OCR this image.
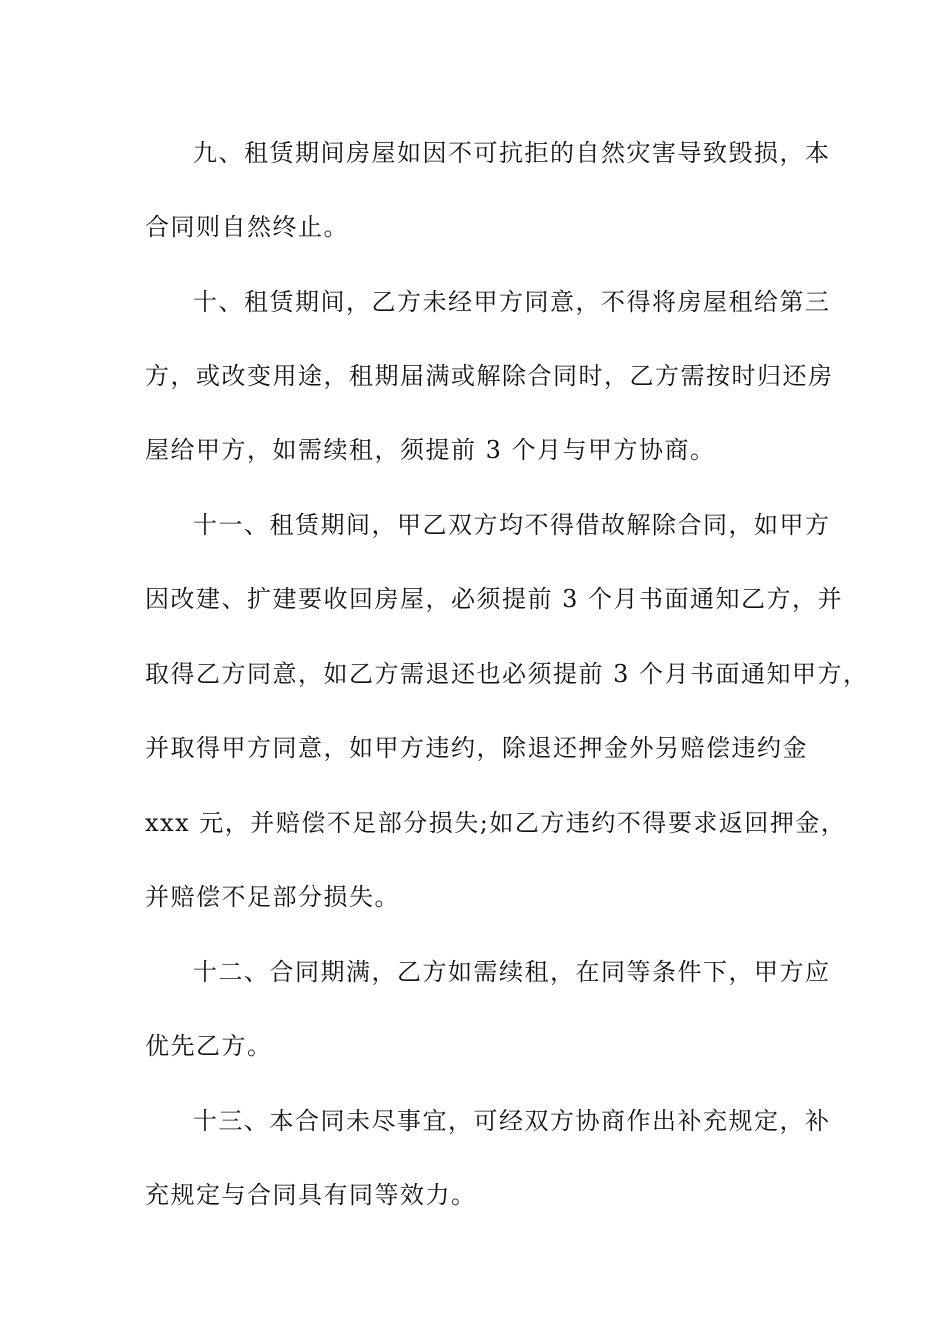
九、租赁期间房屋如因不可抗拒的自然灾害导致毁损，本
合同则自然终止。
十、租赁期间，乙方未经甲方同意，不得将房屋租给第三
方，或改变用途，租期届满或解除合同时，乙方需按时归还房
屋给甲方，如需续租，须提前 3 个月与甲方协商。
十一、租赁期间，甲乙双方均不得借故解除合同，如甲方
因改建、扩建要收回房屋，必须提前 3 个月书面通知乙方，并
取得乙方同意，如乙方需退还也必须提前 3 个月书面通知甲方，
并取得甲方同意，如甲方违约，除退还押金外另赔偿违约金
xxx 元，并赔偿不足部分损失;如乙方违约不得要求返回押金，
并赔偿不足部分损失。
十二、合同期满，乙方如需续租，在同等条件下，甲方应
优先乙方。
十三、本合同未尽事宜，可经双方协商作出补充规定，补
充规定与合同具有同等效力。
